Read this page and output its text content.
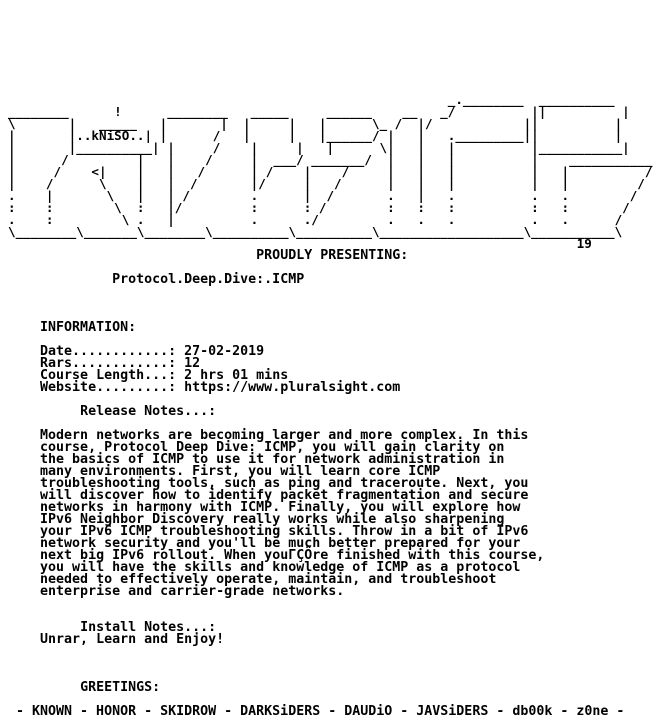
_.________  __________
________      !      ________   _____     ______    __   _/          ||          |
\       |   _____   |       |  |     |   |      \_ /  |/            ||          |
|       |..kNiSO..| |      /   |     |   |______/ |   |   ._________||          |
|       |__________| |     /    |     |   |      \|   |   |          |___________|
|      /         |   |    /     |  ___/ _______/  |   |   |          |    ___________
|     /    <|    |   |   /      | /    |    /     |   |   |          |   |          /
|    /      \    |   |  /       |/     |   /      |   |   |          |   |         /
.    |       \   |   | /        .      |  /       .   |   .          .   .        /
:    :        \  :   |/         :      : /        :   :   :          :   :       /
.    :         \ .   |          .      ./         .   .   .          .   .      /
\________\_______\________\__________\__________\___________________\___________\
19
PROUDLY PRESENTING:

Protocol.Deep.Dive:.ICMP

INFORMATION:

Date............: 27-02-2019
Rars............: 12
Course Length...: 2 hrs 01 mins
Website.........: https://www.pluralsight.com

Release Notes...:

Modern networks are becoming larger and more complex. In this
course, Protocol Deep Dive: ICMP, you will gain clarity on
the basics of ICMP to use it for network administration in
many environments. First, you will learn core ICMP
troubleshooting tools, such as ping and traceroute. Next, you
will discover how to identify packet fragmentation and secure
networks in harmony with ICMP. Finally, you will explore how
IPv6 Neighbor Discovery really works while also sharpening
your IPv6 ICMP troubleshooting skills. Throw in a bit of IPv6
network security and you'll be much better prepared for your
next big IPv6 rollout. When youΓÇÖre finished with this course,
you will have the skills and knowledge of ICMP as a protocol
needed to effectively operate, maintain, and troubleshoot
enterprise and carrier-grade networks.

Install Notes...:
Unrar, Learn and Enjoy!

GREETINGS:

- KNOWN - HONOR - SKIDROW - DARKSiDERS - DAUDiO - JAVSiDERS - db00k - z0ne -
